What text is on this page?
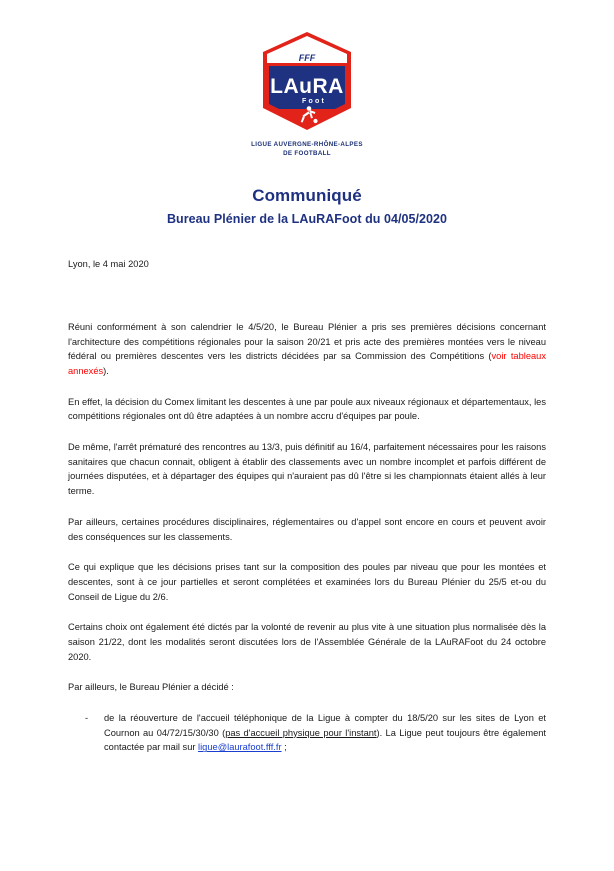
FFF
LAuRA
Foot
LIGUE AUVERGNE-RHÔNE-ALPES
DE FOOTBALL
Communiqué
Bureau Plénier de la LAuRAFoot du 04/05/2020

Lyon, le 4 mai 2020

Réuni conformément à son calendrier le 4/5/20, le Bureau Plénier a pris ses premières décisions concernant l'architecture des compétitions régionales pour la saison 20/21 et pris acte des premières montées vers le niveau fédéral ou premières descentes vers les districts décidées par sa Commission des Compétitions (voir tableaux annexés).

En effet, la décision du Comex limitant les descentes à une par poule aux niveaux régionaux et départementaux, les compétitions régionales ont dû être adaptées à un nombre accru d'équipes par poule.

De même, l'arrêt prématuré des rencontres au 13/3, puis définitif au 16/4, parfaitement nécessaires pour les raisons sanitaires que chacun connait, obligent à établir des classements avec un nombre incomplet et parfois différent de journées disputées, et à départager des équipes qui n'auraient pas dû l'être si les championnats étaient allés à leur terme.

Par ailleurs, certaines procédures disciplinaires, réglementaires ou d'appel sont encore en cours et peuvent avoir des conséquences sur les classements.

Ce qui explique que les décisions prises tant sur la composition des poules par niveau que pour les montées et descentes, sont à ce jour partielles et seront complétées et examinées lors du Bureau Plénier du 25/5 et-ou du Conseil de Ligue du 2/6.

Certains choix ont également été dictés par la volonté de revenir au plus vite à une situation plus normalisée dès la saison 21/22, dont les modalités seront discutées lors de l'Assemblée Générale de la LAuRAFoot du 24 octobre 2020.

Par ailleurs, le Bureau Plénier a décidé :

- de la réouverture de l'accueil téléphonique de la Ligue à compter du 18/5/20 sur les sites de Lyon et Cournon au 04/72/15/30/30 (pas d'accueil physique pour l'instant). La Ligue peut toujours être également contactée par mail sur ligue@laurafoot.fff.fr ;
